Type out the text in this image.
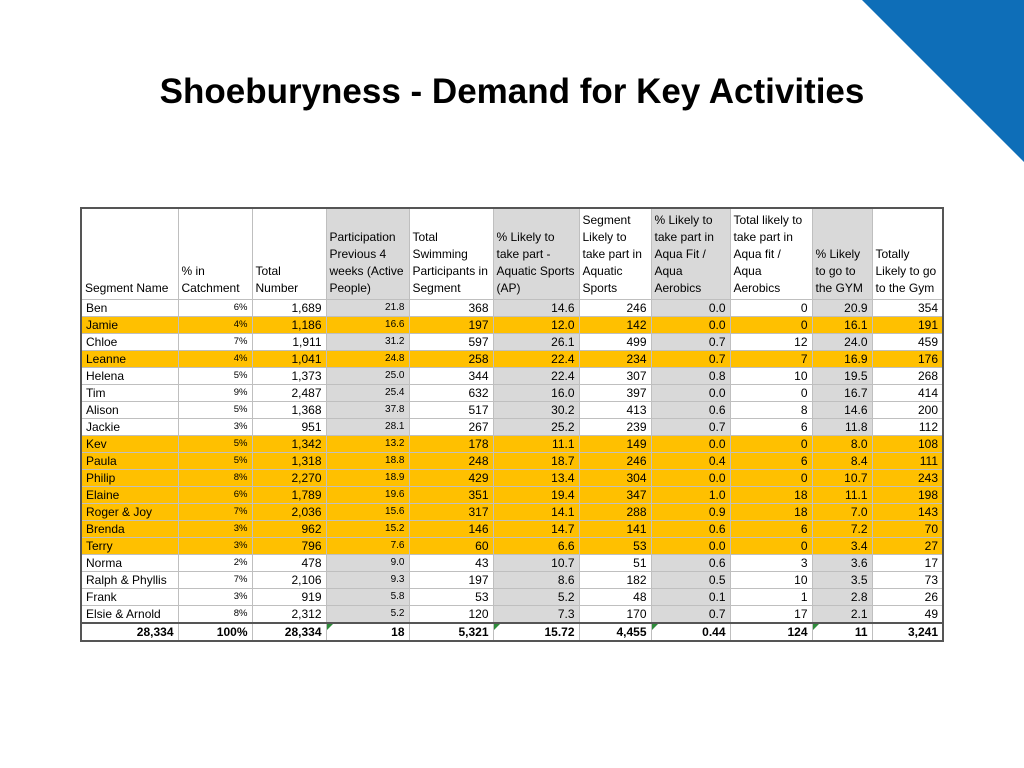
Shoeburyness - Demand for Key Activities
Segment Name	% in Catchment	Total Number	Participation Previous 4 weeks (Active People)	Total Swimming Participants in Segment	% Likely to take part - Aquatic Sports (AP)	Segment Likely to take part in Aquatic Sports	% Likely to take part in Aqua Fit / Aqua Aerobics	Total likely to take part in Aqua fit / Aqua Aerobics	% Likely to go to the GYM	Totally Likely to go to the Gym
Ben	6%	1,689	21.8	368	14.6	246	0.0	0	20.9	354
Jamie	4%	1,186	16.6	197	12.0	142	0.0	0	16.1	191
Chloe	7%	1,911	31.2	597	26.1	499	0.7	12	24.0	459
Leanne	4%	1,041	24.8	258	22.4	234	0.7	7	16.9	176
Helena	5%	1,373	25.0	344	22.4	307	0.8	10	19.5	268
Tim	9%	2,487	25.4	632	16.0	397	0.0	0	16.7	414
Alison	5%	1,368	37.8	517	30.2	413	0.6	8	14.6	200
Jackie	3%	951	28.1	267	25.2	239	0.7	6	11.8	112
Kev	5%	1,342	13.2	178	11.1	149	0.0	0	8.0	108
Paula	5%	1,318	18.8	248	18.7	246	0.4	6	8.4	111
Philip	8%	2,270	18.9	429	13.4	304	0.0	0	10.7	243
Elaine	6%	1,789	19.6	351	19.4	347	1.0	18	11.1	198
Roger & Joy	7%	2,036	15.6	317	14.1	288	0.9	18	7.0	143
Brenda	3%	962	15.2	146	14.7	141	0.6	6	7.2	70
Terry	3%	796	7.6	60	6.6	53	0.0	0	3.4	27
Norma	2%	478	9.0	43	10.7	51	0.6	3	3.6	17
Ralph & Phyllis	7%	2,106	9.3	197	8.6	182	0.5	10	3.5	73
Frank	3%	919	5.8	53	5.2	48	0.1	1	2.8	26
Elsie & Arnold	8%	2,312	5.2	120	7.3	170	0.7	17	2.1	49
28,334	100%	28,334	18	5,321	15.72	4,455	0.44	124	11	3,241
